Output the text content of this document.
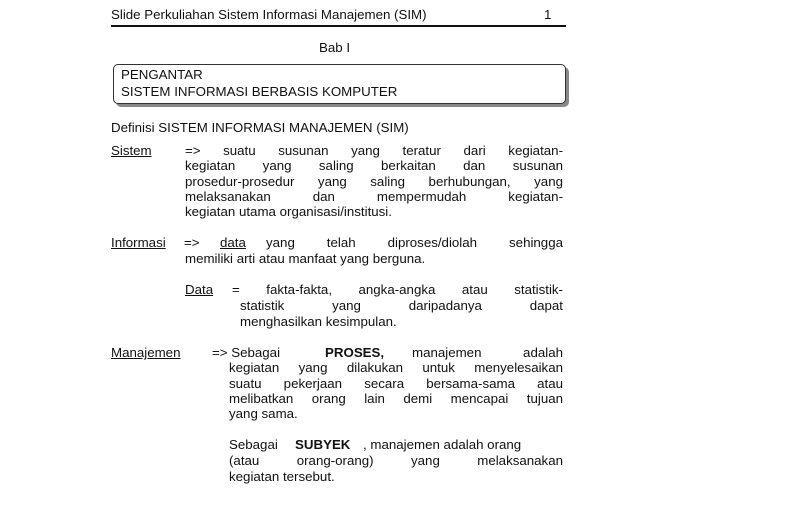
Slide Perkuliahan Sistem Informasi Manajemen (SIM)	1
Bab I
PENGANTAR
SISTEM INFORMASI BERBASIS KOMPUTER
Definisi SISTEM INFORMASI MANAJEMEN (SIM)
Sistem	=> suatu susunan yang teratur dari kegiatan-
kegiatan yang saling berkaitan dan susunan
prosedur-prosedur yang saling berhubungan, yang
melaksanakan dan mempermudah kegiatan-
kegiatan utama organisasi/institusi.
Informasi => data yang telah diproses/diolah sehingga
memiliki arti atau manfaat yang berguna.
Data = fakta-fakta, angka-angka atau statistik-
statistik yang daripadanya dapat
menghasilkan kesimpulan.
Manajemen => Sebagai	PROSES, manajemen adalah
kegiatan yang dilakukan untuk menyelesaikan
suatu pekerjaan secara bersama-sama atau
melibatkan orang lain demi mencapai tujuan
yang sama.
Sebagai SUBYEK , manajemen adalah orang
(atau orang-orang) yang melaksanakan
kegiatan tersebut.
